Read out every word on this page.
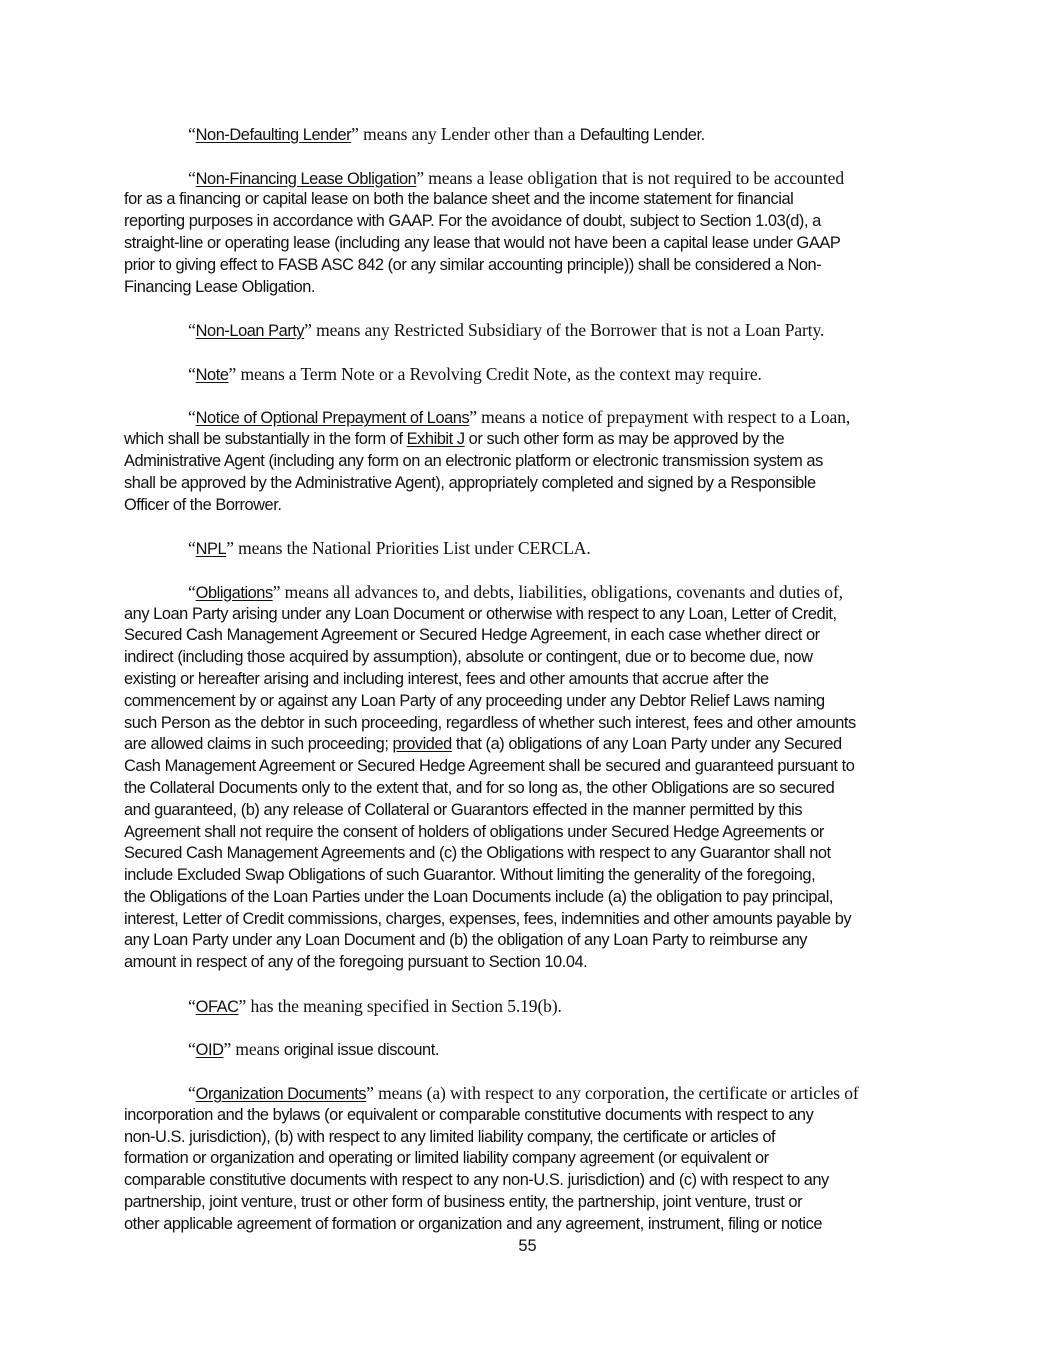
“Non-Defaulting Lender” means any Lender other than a Defaulting Lender.
“Non-Financing Lease Obligation” means a lease obligation that is not required to be accounted
for as a financing or capital lease on both the balance sheet and the income statement for financial
reporting purposes in accordance with GAAP. For the avoidance of doubt, subject to Section 1.03(d), a
straight-line or operating lease (including any lease that would not have been a capital lease under GAAP
prior to giving effect to FASB ASC 842 (or any similar accounting principle)) shall be considered a Non-
Financing Lease Obligation.
“Non-Loan Party” means any Restricted Subsidiary of the Borrower that is not a Loan Party.
“Note” means a Term Note or a Revolving Credit Note, as the context may require.
“Notice of Optional Prepayment of Loans” means a notice of prepayment with respect to a Loan,
which shall be substantially in the form of Exhibit J or such other form as may be approved by the
Administrative Agent (including any form on an electronic platform or electronic transmission system as
shall be approved by the Administrative Agent), appropriately completed and signed by a Responsible
Officer of the Borrower.
“NPL” means the National Priorities List under CERCLA.
“Obligations” means all advances to, and debts, liabilities, obligations, covenants and duties of,
any Loan Party arising under any Loan Document or otherwise with respect to any Loan, Letter of Credit,
Secured Cash Management Agreement or Secured Hedge Agreement, in each case whether direct or
indirect (including those acquired by assumption), absolute or contingent, due or to become due, now
existing or hereafter arising and including interest, fees and other amounts that accrue after the
commencement by or against any Loan Party of any proceeding under any Debtor Relief Laws naming
such Person as the debtor in such proceeding, regardless of whether such interest, fees and other amounts
are allowed claims in such proceeding; provided that (a) obligations of any Loan Party under any Secured
Cash Management Agreement or Secured Hedge Agreement shall be secured and guaranteed pursuant to
the Collateral Documents only to the extent that, and for so long as, the other Obligations are so secured
and guaranteed, (b) any release of Collateral or Guarantors effected in the manner permitted by this
Agreement shall not require the consent of holders of obligations under Secured Hedge Agreements or
Secured Cash Management Agreements and (c) the Obligations with respect to any Guarantor shall not
include Excluded Swap Obligations of such Guarantor. Without limiting the generality of the foregoing,
the Obligations of the Loan Parties under the Loan Documents include (a) the obligation to pay principal,
interest, Letter of Credit commissions, charges, expenses, fees, indemnities and other amounts payable by
any Loan Party under any Loan Document and (b) the obligation of any Loan Party to reimburse any
amount in respect of any of the foregoing pursuant to Section 10.04.
“OFAC” has the meaning specified in Section 5.19(b).
“OID” means original issue discount.
“Organization Documents” means (a) with respect to any corporation, the certificate or articles of
incorporation and the bylaws (or equivalent or comparable constitutive documents with respect to any
non-U.S. jurisdiction), (b) with respect to any limited liability company, the certificate or articles of
formation or organization and operating or limited liability company agreement (or equivalent or
comparable constitutive documents with respect to any non-U.S. jurisdiction) and (c) with respect to any
partnership, joint venture, trust or other form of business entity, the partnership, joint venture, trust or
other applicable agreement of formation or organization and any agreement, instrument, filing or notice
55
